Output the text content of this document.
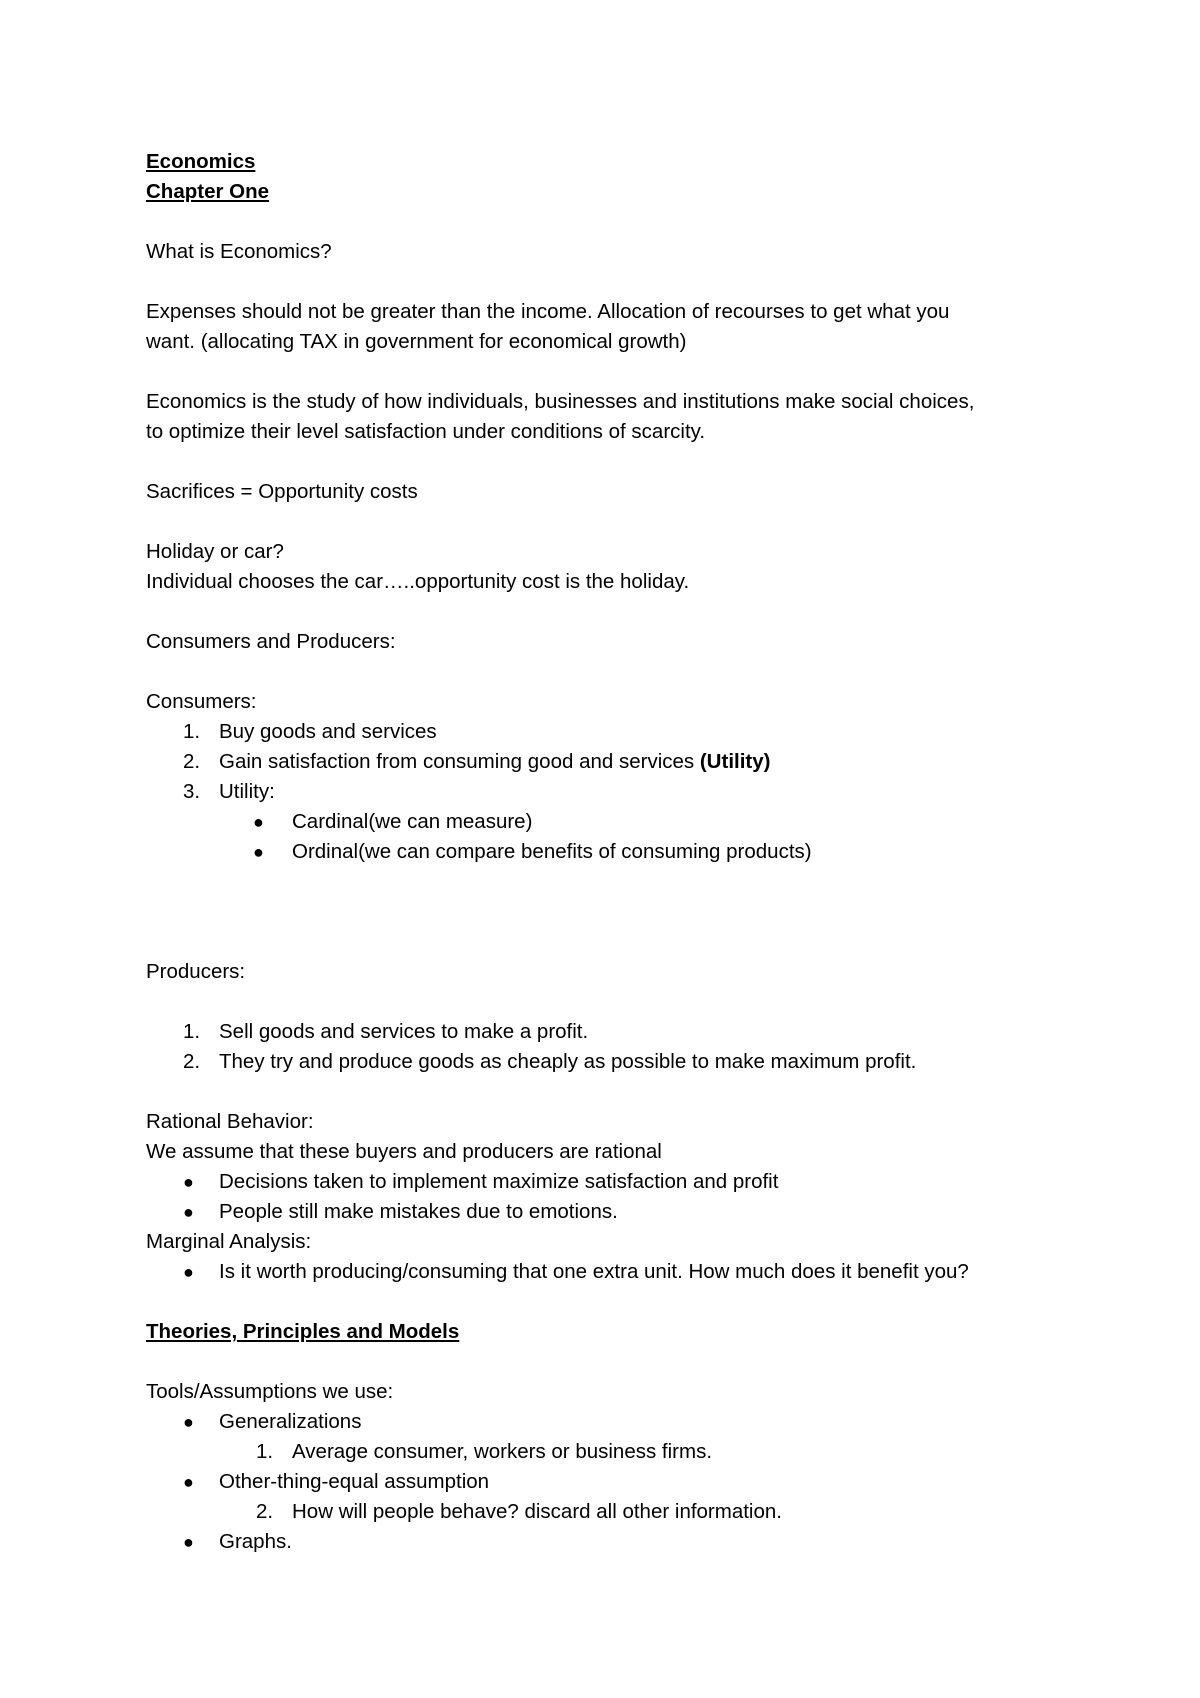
Economics
Chapter One
What is Economics?
Expenses should not be greater than the income. Allocation of recourses to get what you
want. (allocating TAX in government for economical growth)
Economics is the study of how individuals, businesses and institutions make social choices,
to optimize their level satisfaction under conditions of scarcity.
Sacrifices = Opportunity costs
Holiday or car?
Individual chooses the car…..opportunity cost is the holiday.
Consumers and Producers:
Consumers:
1. Buy goods and services
2. Gain satisfaction from consuming good and services (Utility)
3. Utility:
● Cardinal(we can measure)
● Ordinal(we can compare benefits of consuming products)
Producers:
1. Sell goods and services to make a profit.
2. They try and produce goods as cheaply as possible to make maximum profit.
Rational Behavior:
We assume that these buyers and producers are rational
● Decisions taken to implement maximize satisfaction and profit
● People still make mistakes due to emotions.
Marginal Analysis:
● Is it worth producing/consuming that one extra unit. How much does it benefit you?
Theories, Principles and Models
Tools/Assumptions we use:
● Generalizations
1. Average consumer, workers or business firms.
● Other-thing-equal assumption
2. How will people behave? discard all other information.
● Graphs.
